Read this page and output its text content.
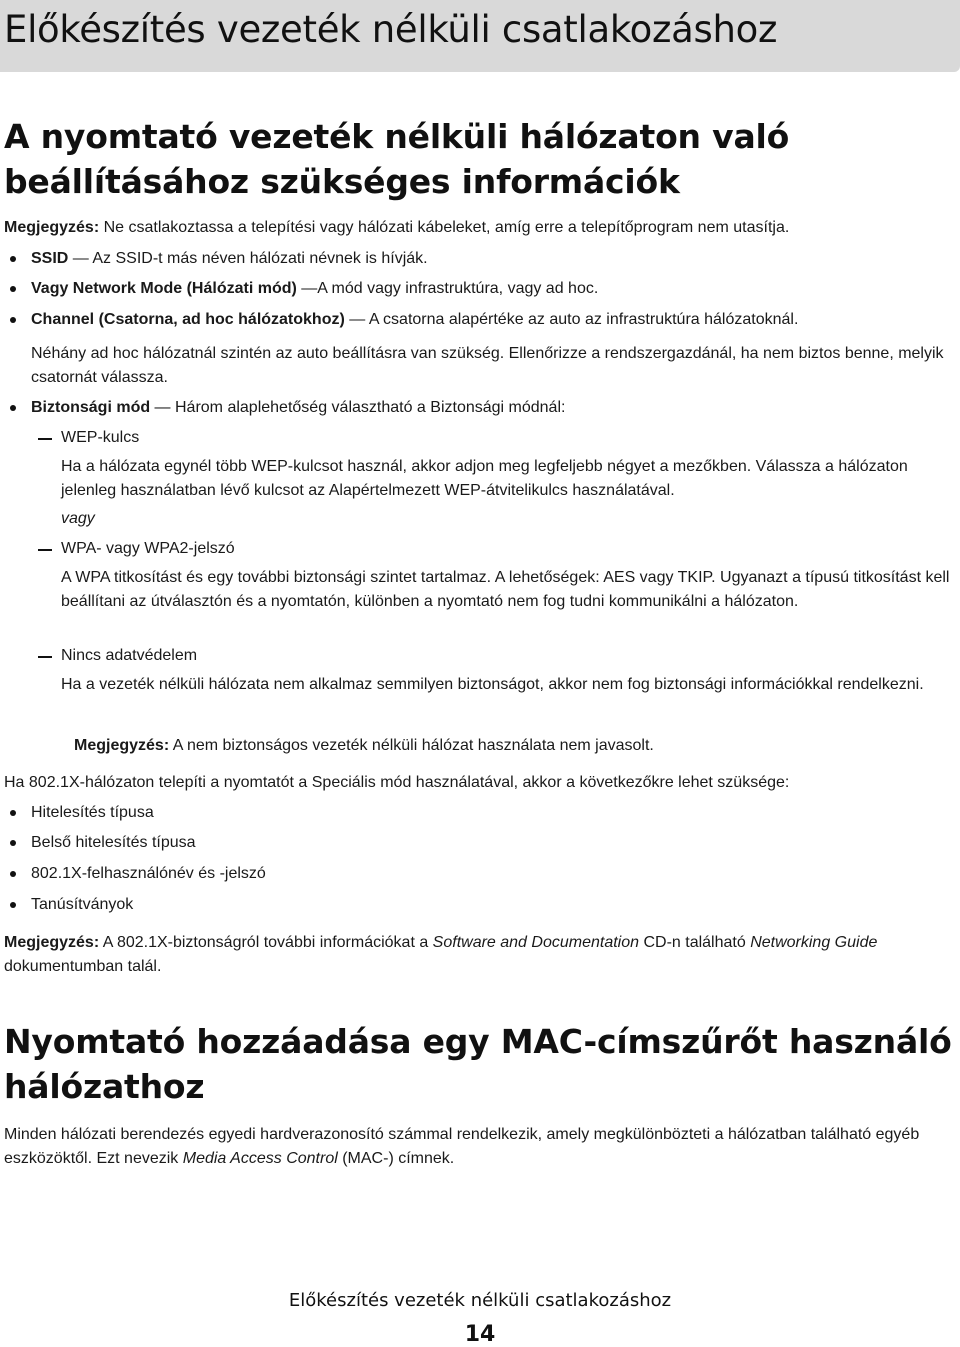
Előkészítés vezeték nélküli csatlakozáshoz
A nyomtató vezeték nélküli hálózaton való
beállításához szükséges információk
Megjegyzés: Ne csatlakoztassa a telepítési vagy hálózati kábeleket, amíg erre a telepítőprogram nem utasítja.
SSID — Az SSID-t más néven hálózati névnek is hívják.
Vagy Network Mode (Hálózati mód) —A mód vagy infrastruktúra, vagy ad hoc.
Channel (Csatorna, ad hoc hálózatokhoz) — A csatorna alapértéke az auto az infrastruktúra hálózatoknál.
Néhány ad hoc hálózatnál szintén az auto beállításra van szükség. Ellenőrizze a rendszergazdánál, ha nem biztos benne, melyik csatornát válassza.
Biztonsági mód — Három alaplehetőség választható a Biztonsági módnál:
WEP-kulcs
Ha a hálózata egynél több WEP-kulcsot használ, akkor adjon meg legfeljebb négyet a mezőkben. Válassza a hálózaton jelenleg használatban lévő kulcsot az Alapértelmezett WEP-átvitelikulcs használatával.
vagy
WPA- vagy WPA2-jelszó
A WPA titkosítást és egy további biztonsági szintet tartalmaz. A lehetőségek: AES vagy TKIP. Ugyanazt a típusú titkosítást kell beállítani az útválasztón és a nyomtatón, különben a nyomtató nem fog tudni kommunikálni a hálózaton.
Nincs adatvédelem
Ha a vezeték nélküli hálózata nem alkalmaz semmilyen biztonságot, akkor nem fog biztonsági információkkal rendelkezni.
Megjegyzés: A nem biztonságos vezeték nélküli hálózat használata nem javasolt.
Ha 802.1X-hálózaton telepíti a nyomtatót a Speciális mód használatával, akkor a következőkre lehet szüksége:
Hitelesítés típusa
Belső hitelesítés típusa
802.1X-felhasználónév és -jelszó
Tanúsítványok
Megjegyzés: A 802.1X-biztonságról további információkat a Software and Documentation CD-n található Networking Guide dokumentumban talál.
Nyomtató hozzáadása egy MAC-címszűrőt használó
hálózathoz
Minden hálózati berendezés egyedi hardverazonosító számmal rendelkezik, amely megkülönbözteti a hálózatban található egyéb eszközöktől. Ezt nevezik Media Access Control (MAC-) címnek.
Előkészítés vezeték nélküli csatlakozáshoz
14
